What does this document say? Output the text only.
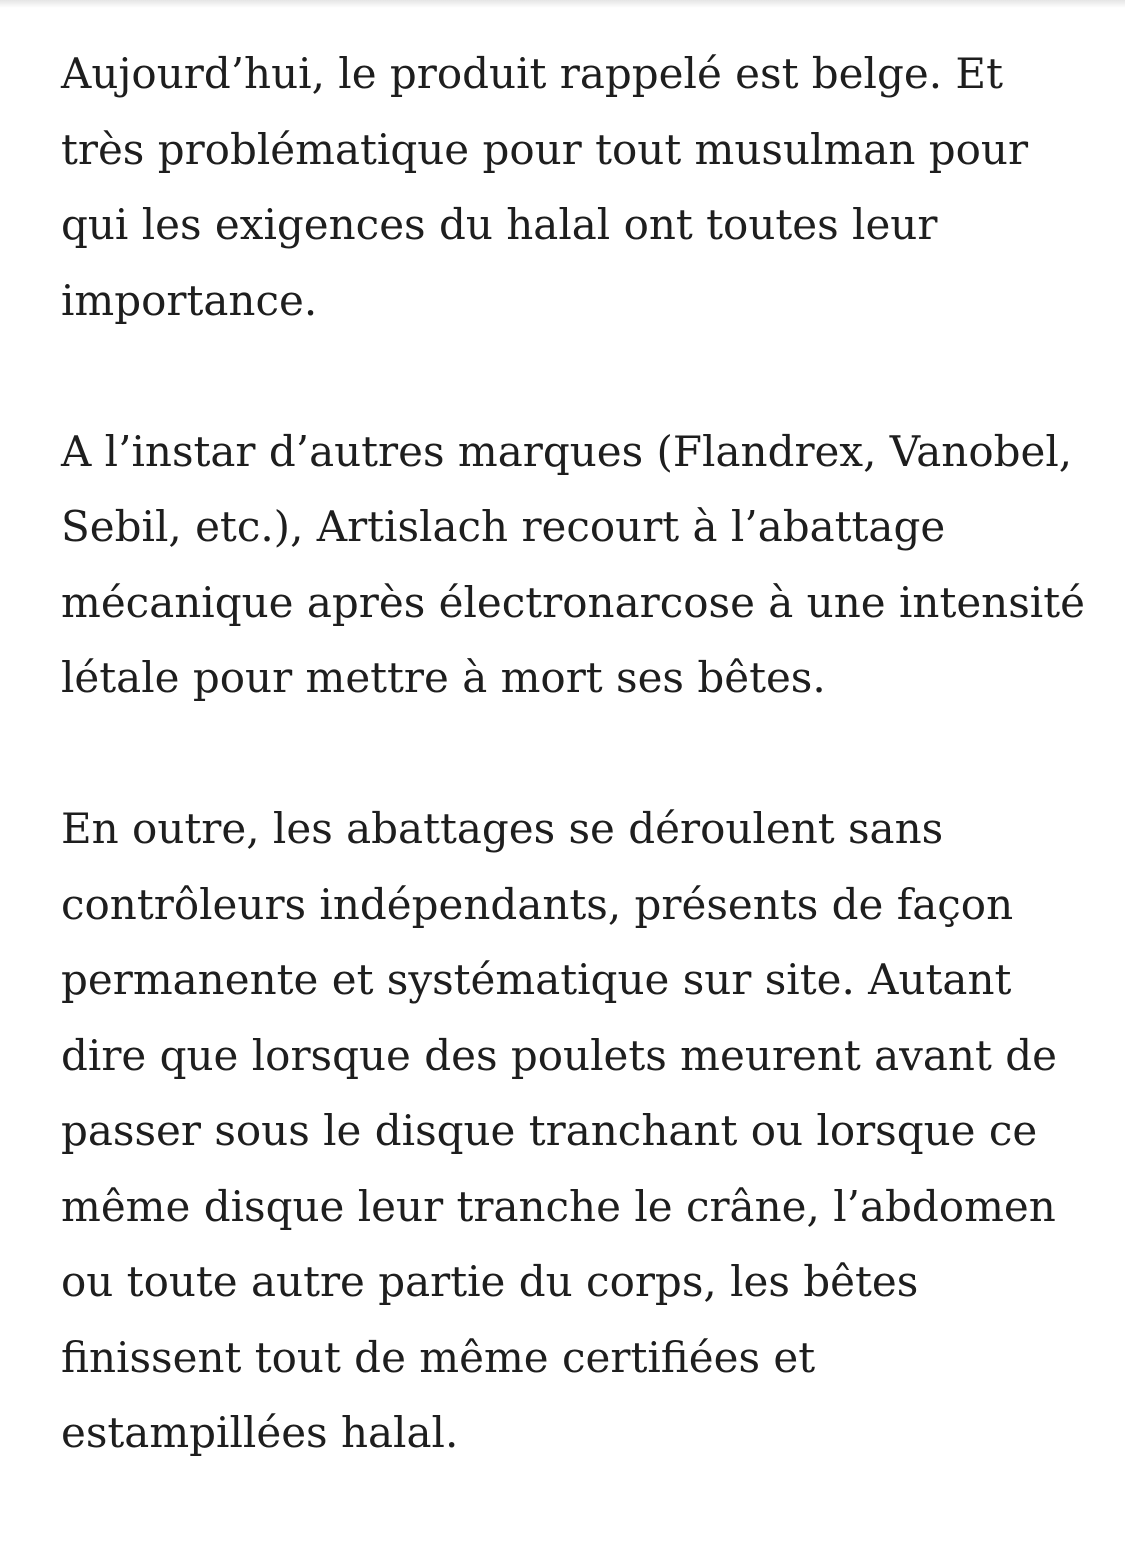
Aujourd’hui, le produit rappelé est belge. Et
très problématique pour tout musulman pour
qui les exigences du halal ont toutes leur
importance.

A l’instar d’autres marques (Flandrex, Vanobel,
Sebil, etc.), Artislach recourt à l’abattage
mécanique après électronarcose à une intensité
létale pour mettre à mort ses bêtes.

En outre, les abattages se déroulent sans
contrôleurs indépendants, présents de façon
permanente et systématique sur site. Autant
dire que lorsque des poulets meurent avant de
passer sous le disque tranchant ou lorsque ce
même disque leur tranche le crâne, l’abdomen
ou toute autre partie du corps, les bêtes
finissent tout de même certifiées et
estampillées halal.
